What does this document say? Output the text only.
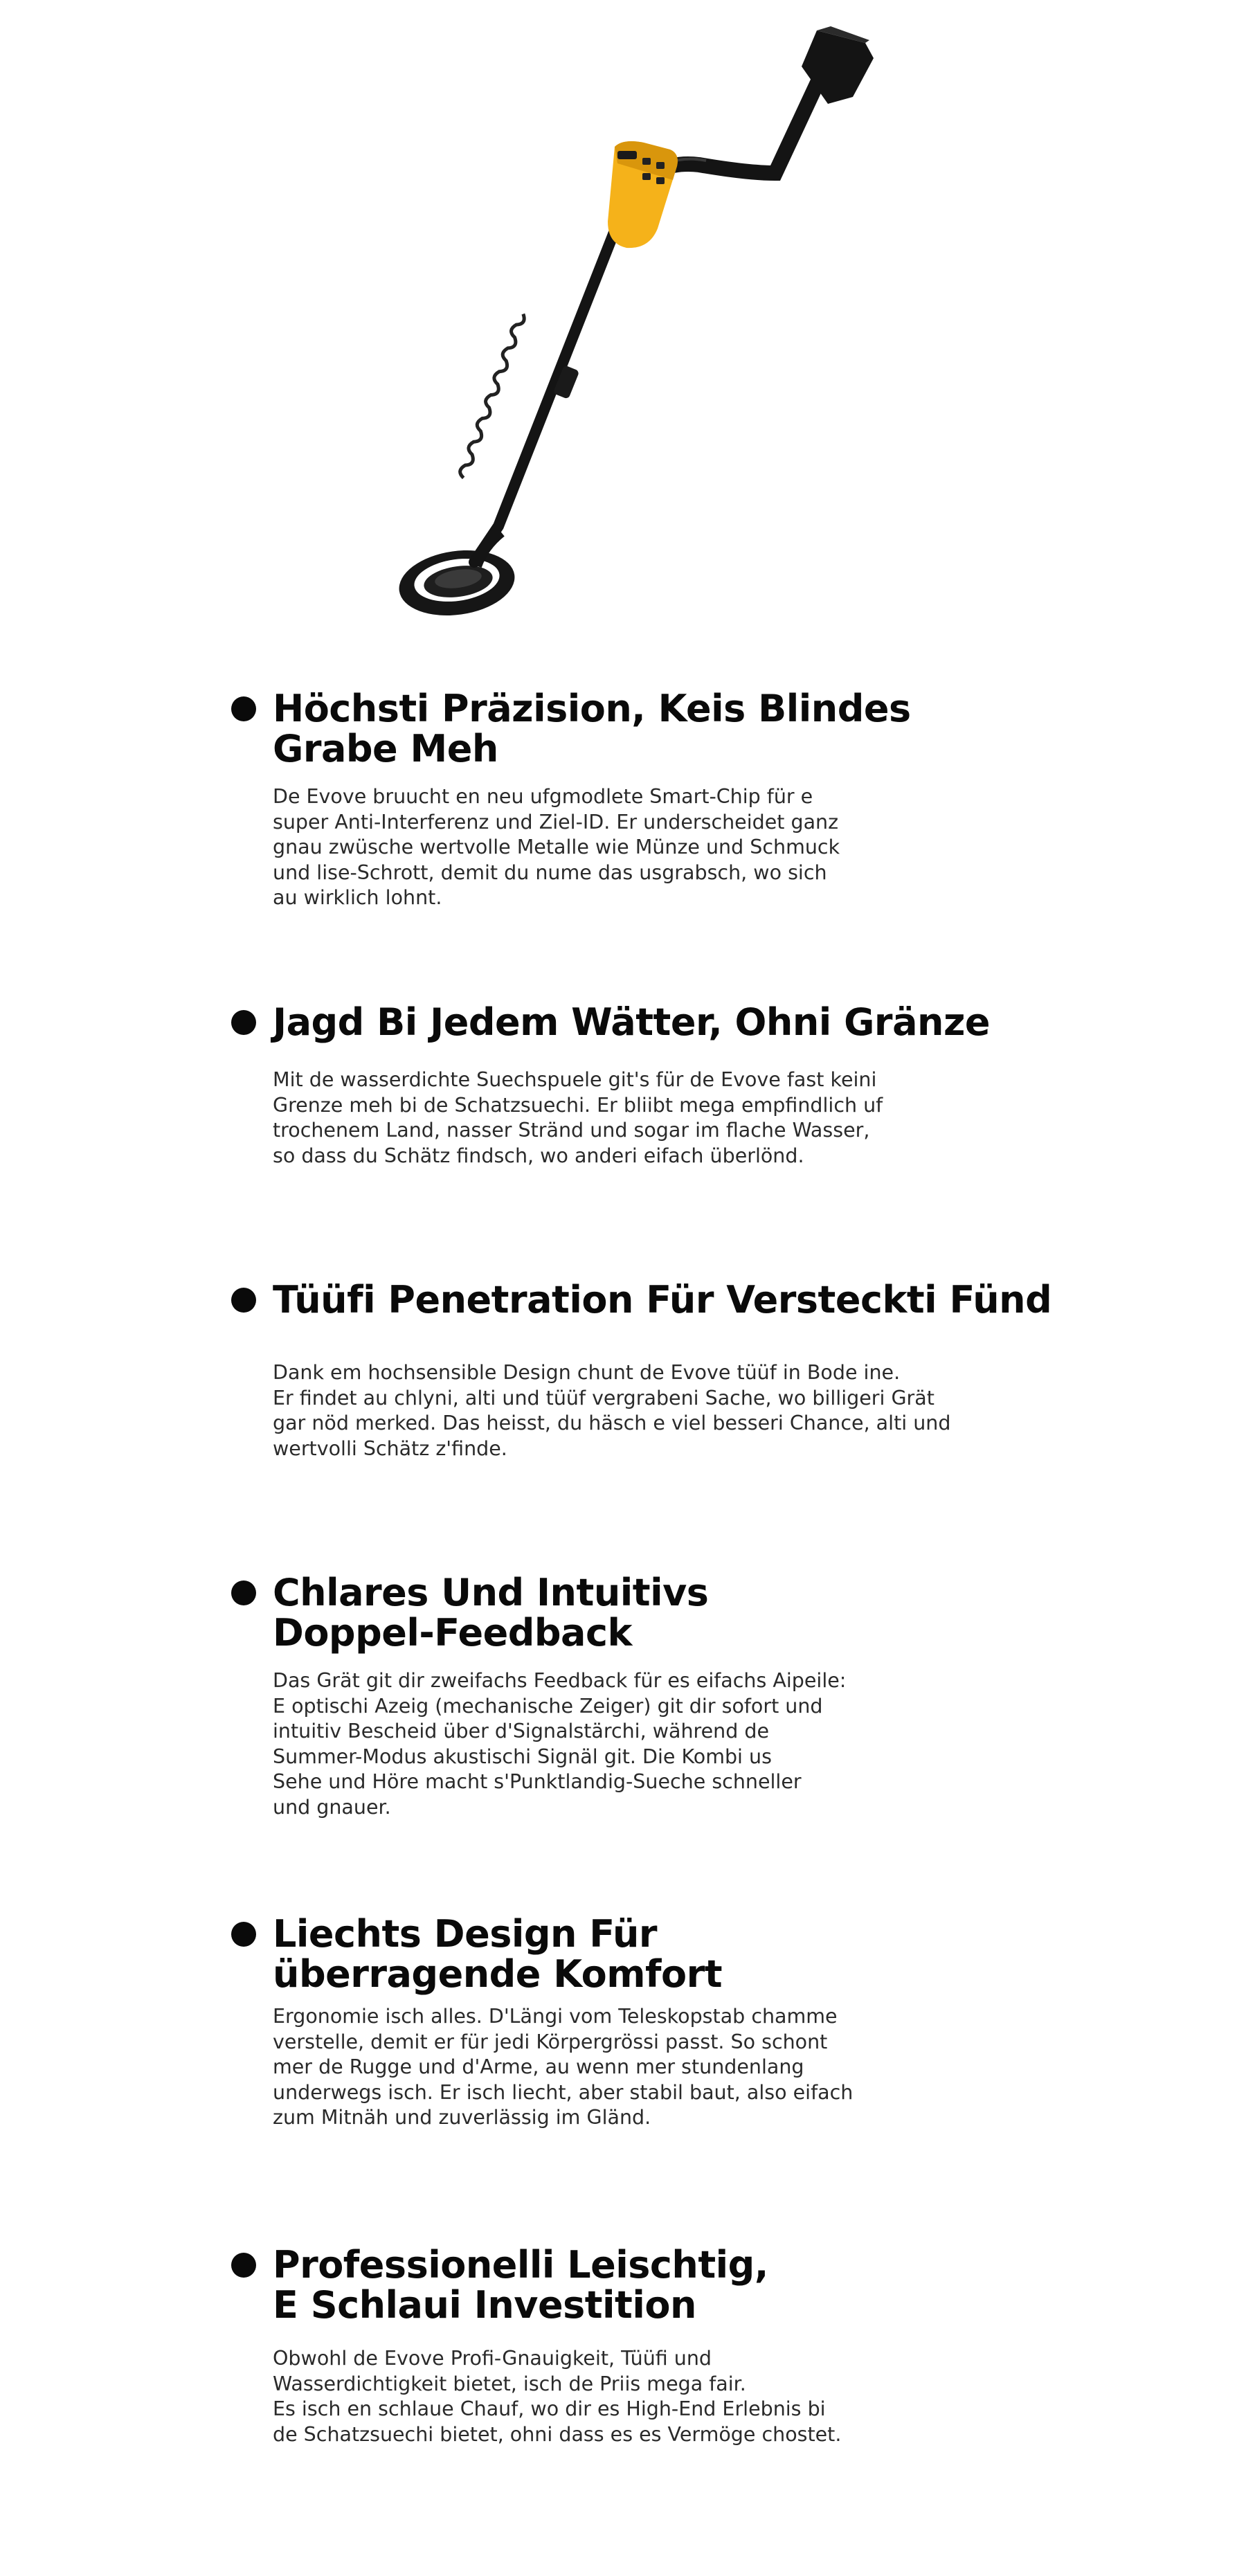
Höchsti Präzision, Keis Blindes
Grabe Meh

De Evove bruucht en neu ufgmodlete Smart-Chip für e
super Anti-Interferenz und Ziel-ID. Er underscheidet ganz
gnau zwüsche wertvolle Metalle wie Münze und Schmuck
und lise-Schrott, demit du nume das usgrabsch, wo sich
au wirklich lohnt.

Jagd Bi Jedem Wätter, Ohni Gränze

Mit de wasserdichte Suechspuele git's für de Evove fast keini
Grenze meh bi de Schatzsuechi. Er bliibt mega empfindlich uf
trochenem Land, nasser Stränd und sogar im flache Wasser,
so dass du Schätz findsch, wo anderi eifach überlönd.

Tüüfi Penetration Für Versteckti Fünd

Dank em hochsensible Design chunt de Evove tüüf in Bode ine.
Er findet au chlyni, alti und tüüf vergrabeni Sache, wo billigeri Grät
gar nöd merked. Das heisst, du häsch e viel besseri Chance, alti und
wertvolli Schätz z'finde.

Chlares Und Intuitivs
Doppel-Feedback

Das Grät git dir zweifachs Feedback für es eifachs Aipeile:
E optischi Azeig (mechanische Zeiger) git dir sofort und
intuitiv Bescheid über d'Signalstärchi, während de
Summer-Modus akustischi Signäl git. Die Kombi us
Sehe und Höre macht s'Punktlandig-Sueche schneller
und gnauer.

Liechts Design Für
überragende Komfort

Ergonomie isch alles. D'Längi vom Teleskopstab chamme
verstelle, demit er für jedi Körpergrössi passt. So schont
mer de Rugge und d'Arme, au wenn mer stundenlang
underwegs isch. Er isch liecht, aber stabil baut, also eifach
zum Mitnäh und zuverlässig im Gländ.

Professionelli Leischtig,
E Schlaui Investition

Obwohl de Evove Profi-Gnauigkeit, Tüüfi und
Wasserdichtigkeit bietet, isch de Priis mega fair.
Es isch en schlaue Chauf, wo dir es High-End Erlebnis bi
de Schatzsuechi bietet, ohni dass es es Vermöge chostet.
